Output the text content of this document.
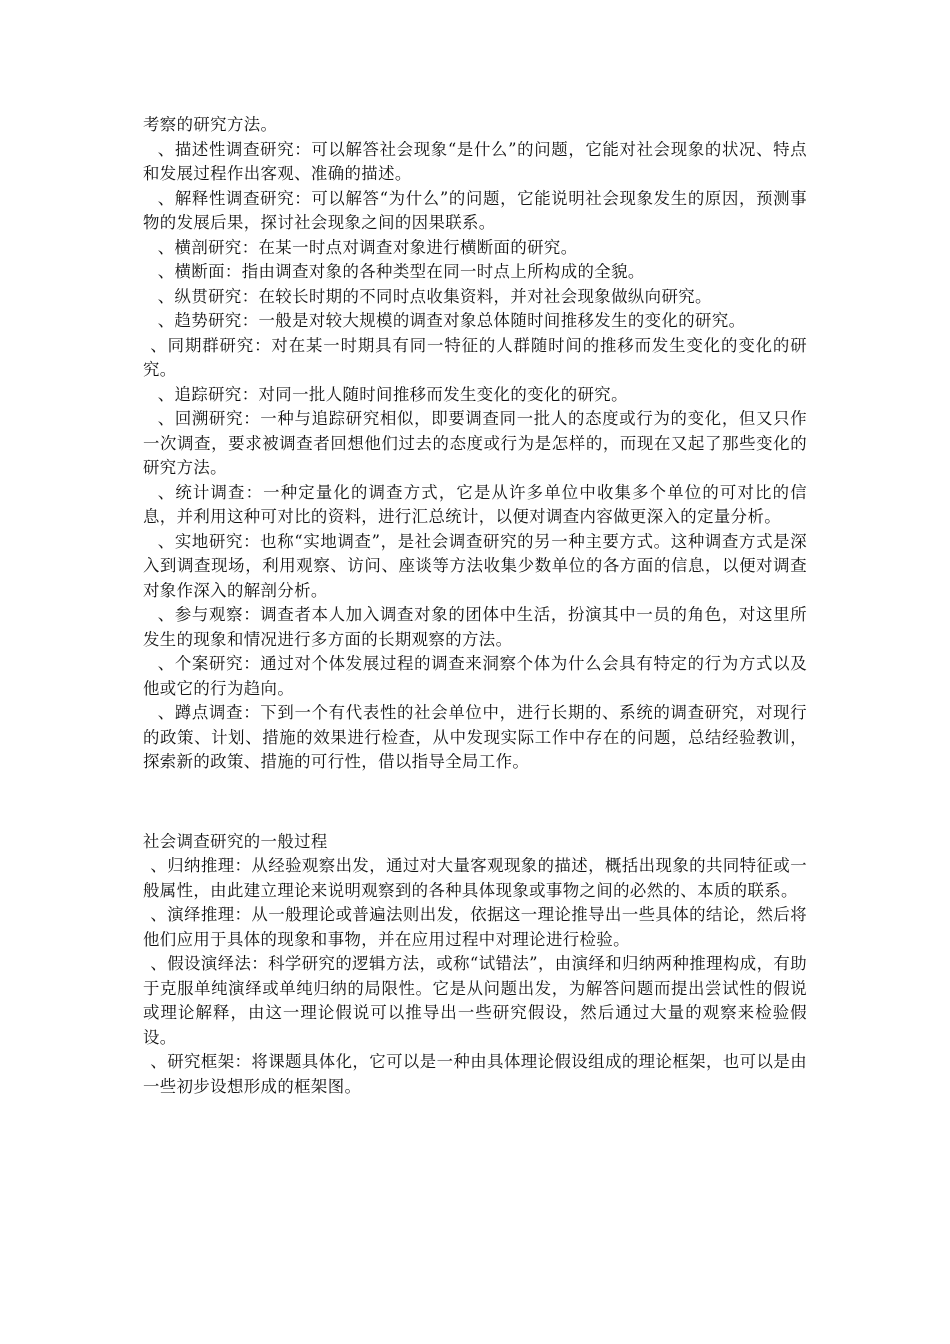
考察的研究方法。

、描述性调查研究：可以解答社会现象“是什么”的问题，它能对社会现象的状况、特点和发展过程作出客观、准确的描述。

、解释性调查研究：可以解答“为什么”的问题，它能说明社会现象发生的原因，预测事物的发展后果，探讨社会现象之间的因果联系。

、横剖研究：在某一时点对调查对象进行横断面的研究。

、横断面：指由调查对象的各种类型在同一时点上所构成的全貌。

、纵贯研究：在较长时期的不同时点收集资料，并对社会现象做纵向研究。

、趋势研究：一般是对较大规模的调查对象总体随时间推移发生的变化的研究。

、同期群研究：对在某一时期具有同一特征的人群随时间的推移而发生变化的变化的研究。

、追踪研究：对同一批人随时间推移而发生变化的变化的研究。

、回溯研究：一种与追踪研究相似，即要调查同一批人的态度或行为的变化，但又只作一次调查，要求被调查者回想他们过去的态度或行为是怎样的，而现在又起了那些变化的研究方法。

、统计调查：一种定量化的调查方式，它是从许多单位中收集多个单位的可对比的信息，并利用这种可对比的资料，进行汇总统计，以便对调查内容做更深入的定量分析。

、实地研究：也称“实地调查”，是社会调查研究的另一种主要方式。这种调查方式是深入到调查现场，利用观察、访问、座谈等方法收集少数单位的各方面的信息，以便对调查对象作深入的解剖分析。

、参与观察：调查者本人加入调查对象的团体中生活，扮演其中一员的角色，对这里所发生的现象和情况进行多方面的长期观察的方法。

、个案研究：通过对个体发展过程的调查来洞察个体为什么会具有特定的行为方式以及他或它的行为趋向。

、蹲点调查：下到一个有代表性的社会单位中，进行长期的、系统的调查研究，对现行的政策、计划、措施的效果进行检查，从中发现实际工作中存在的问题，总结经验教训，探索新的政策、措施的可行性，借以指导全局工作。

社会调查研究的一般过程

、归纳推理：从经验观察出发，通过对大量客观现象的描述，概括出现象的共同特征或一般属性，由此建立理论来说明观察到的各种具体现象或事物之间的必然的、本质的联系。

、演绎推理：从一般理论或普遍法则出发，依据这一理论推导出一些具体的结论，然后将他们应用于具体的现象和事物，并在应用过程中对理论进行检验。

、假设演绎法：科学研究的逻辑方法，或称“试错法”，由演绎和归纳两种推理构成，有助于克服单纯演绎或单纯归纳的局限性。它是从问题出发，为解答问题而提出尝试性的假说或理论解释，由这一理论假说可以推导出一些研究假设，然后通过大量的观察来检验假设。

、研究框架：将课题具体化，它可以是一种由具体理论假设组成的理论框架，也可以是由一些初步设想形成的框架图。
